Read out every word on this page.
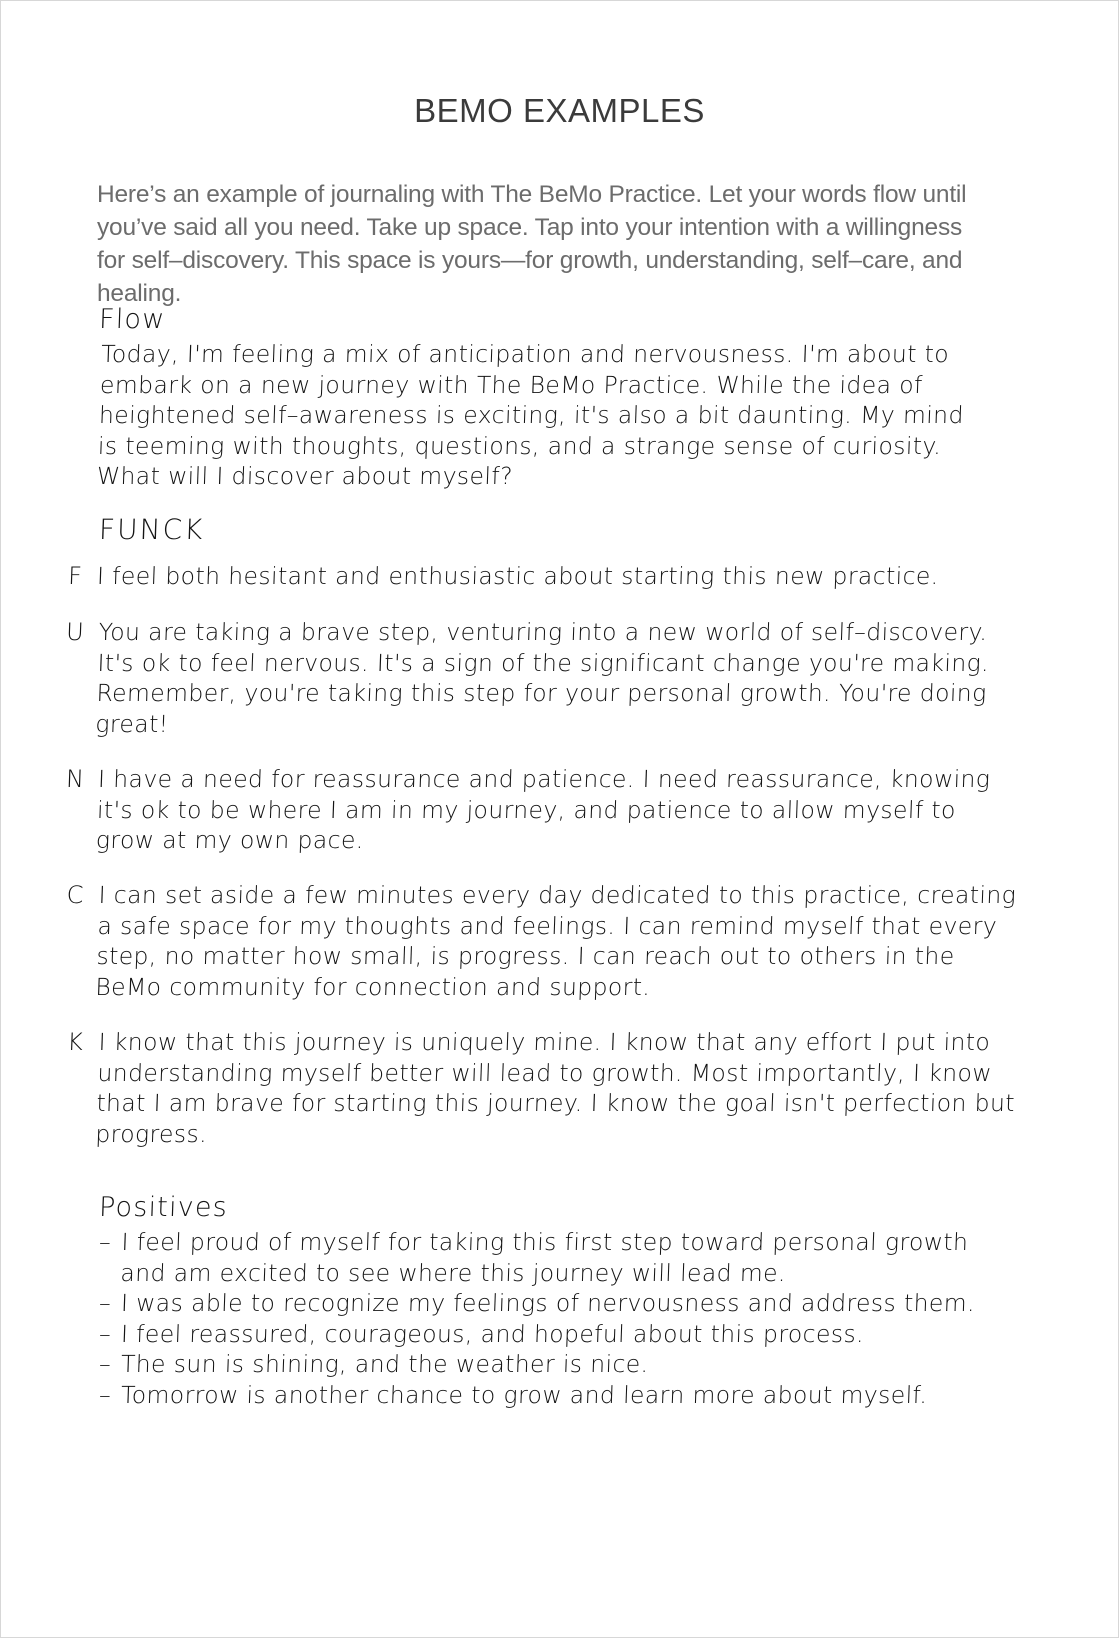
BEMO EXAMPLES

Here’s an example of journaling with The BeMo Practice. Let your words flow until you’ve said all you need. Take up space. Tap into your intention with a willingness for self–discovery. This space is yours—for growth, understanding, self–care, and healing.

Flow
Today, I'm feeling a mix of anticipation and nervousness. I'm about to embark on a new journey with The BeMo Practice. While the idea of heightened self–awareness is exciting, it's also a bit daunting. My mind is teeming with thoughts, questions, and a strange sense of curiosity. What will I discover about myself?
FUNCK
F I feel both hesitant and enthusiastic about starting this new practice.
U You are taking a brave step, venturing into a new world of self–discovery. It's ok to feel nervous. It's a sign of the significant change you're making. Remember, you're taking this step for your personal growth. You're doing great!
N I have a need for reassurance and patience. I need reassurance, knowing it's ok to be where I am in my journey, and patience to allow myself to grow at my own pace.
C I can set aside a few minutes every day dedicated to this practice, creating a safe space for my thoughts and feelings. I can remind myself that every step, no matter how small, is progress. I can reach out to others in the BeMo community for connection and support.
K I know that this journey is uniquely mine. I know that any effort I put into understanding myself better will lead to growth. Most importantly, I know that I am brave for starting this journey. I know the goal isn't perfection but progress.
Positives
– I feel proud of myself for taking this first step toward personal growth and am excited to see where this journey will lead me.
– I was able to recognize my feelings of nervousness and address them.
– I feel reassured, courageous, and hopeful about this process.
– The sun is shining, and the weather is nice.
– Tomorrow is another chance to grow and learn more about myself.
